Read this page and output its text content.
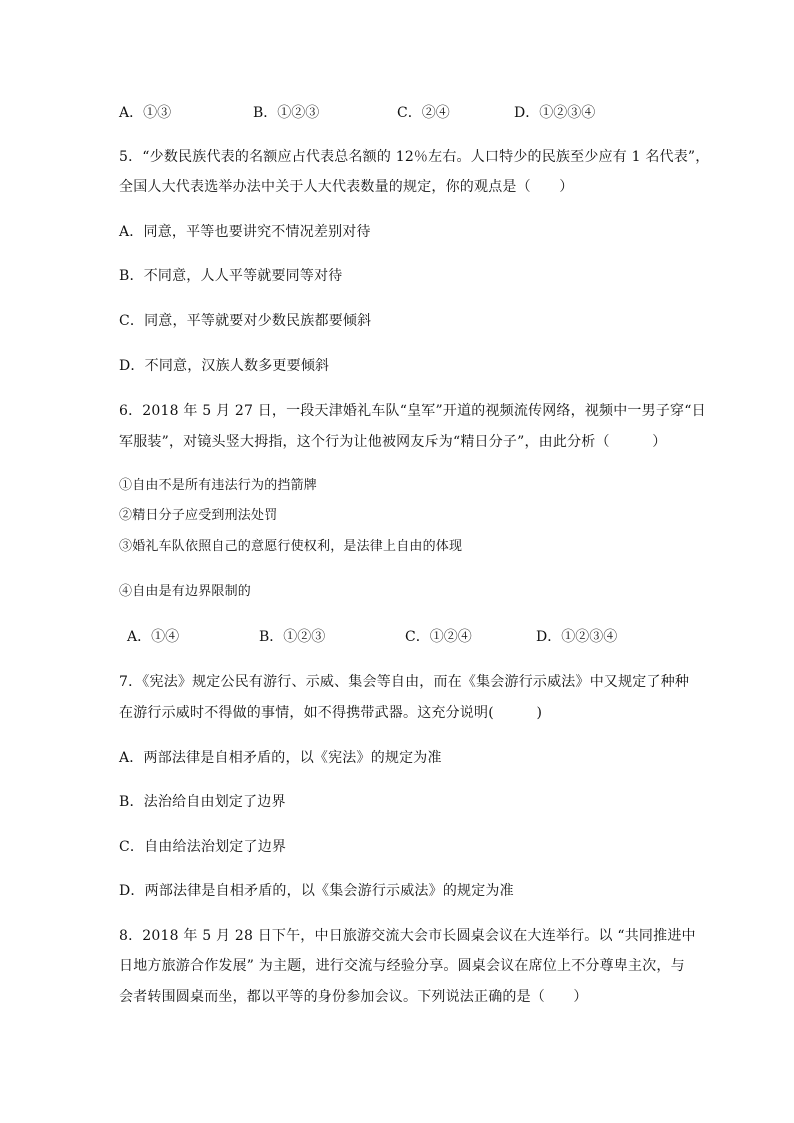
A．①③	B．①②③	C．②④	D．①②③④
5．“少数民族代表的名额应占代表总名额的 12％左右。人口特少的民族至少应有 1 名代表”，
全国人大代表选举办法中关于人大代表数量的规定，你的观点是（　　）
A．同意，平等也要讲究不情况差别对待
B．不同意，人人平等就要同等对待
C．同意，平等就要对少数民族都要倾斜
D．不同意，汉族人数多更要倾斜
6．2018 年 5 月 27 日，一段天津婚礼车队“皇军”开道的视频流传网络，视频中一男子穿“日
军服装”，对镜头竖大拇指，这个行为让他被网友斥为“精日分子”，由此分析（　　　）
①自由不是所有违法行为的挡箭牌
②精日分子应受到刑法处罚
③婚礼车队依照自己的意愿行使权利，是法律上自由的体现
④自由是有边界限制的
A．①④	B．①②③	C．①②④	D．①②③④
7．《宪法》规定公民有游行、示威、集会等自由，而在《集会游行示威法》中又规定了种种
在游行示威时不得做的事情，如不得携带武器。这充分说明(　　　)
A．两部法律是自相矛盾的，以《宪法》的规定为准
B．法治给自由划定了边界
C．自由给法治划定了边界
D．两部法律是自相矛盾的，以《集会游行示威法》的规定为准
8．2018 年 5 月 28 日下午，中日旅游交流大会市长圆桌会议在大连举行。以 “共同推进中
日地方旅游合作发展” 为主题，进行交流与经验分享。圆桌会议在席位上不分尊卑主次，与
会者转围圆桌而坐，都以平等的身份参加会议。下列说法正确的是（　　）
